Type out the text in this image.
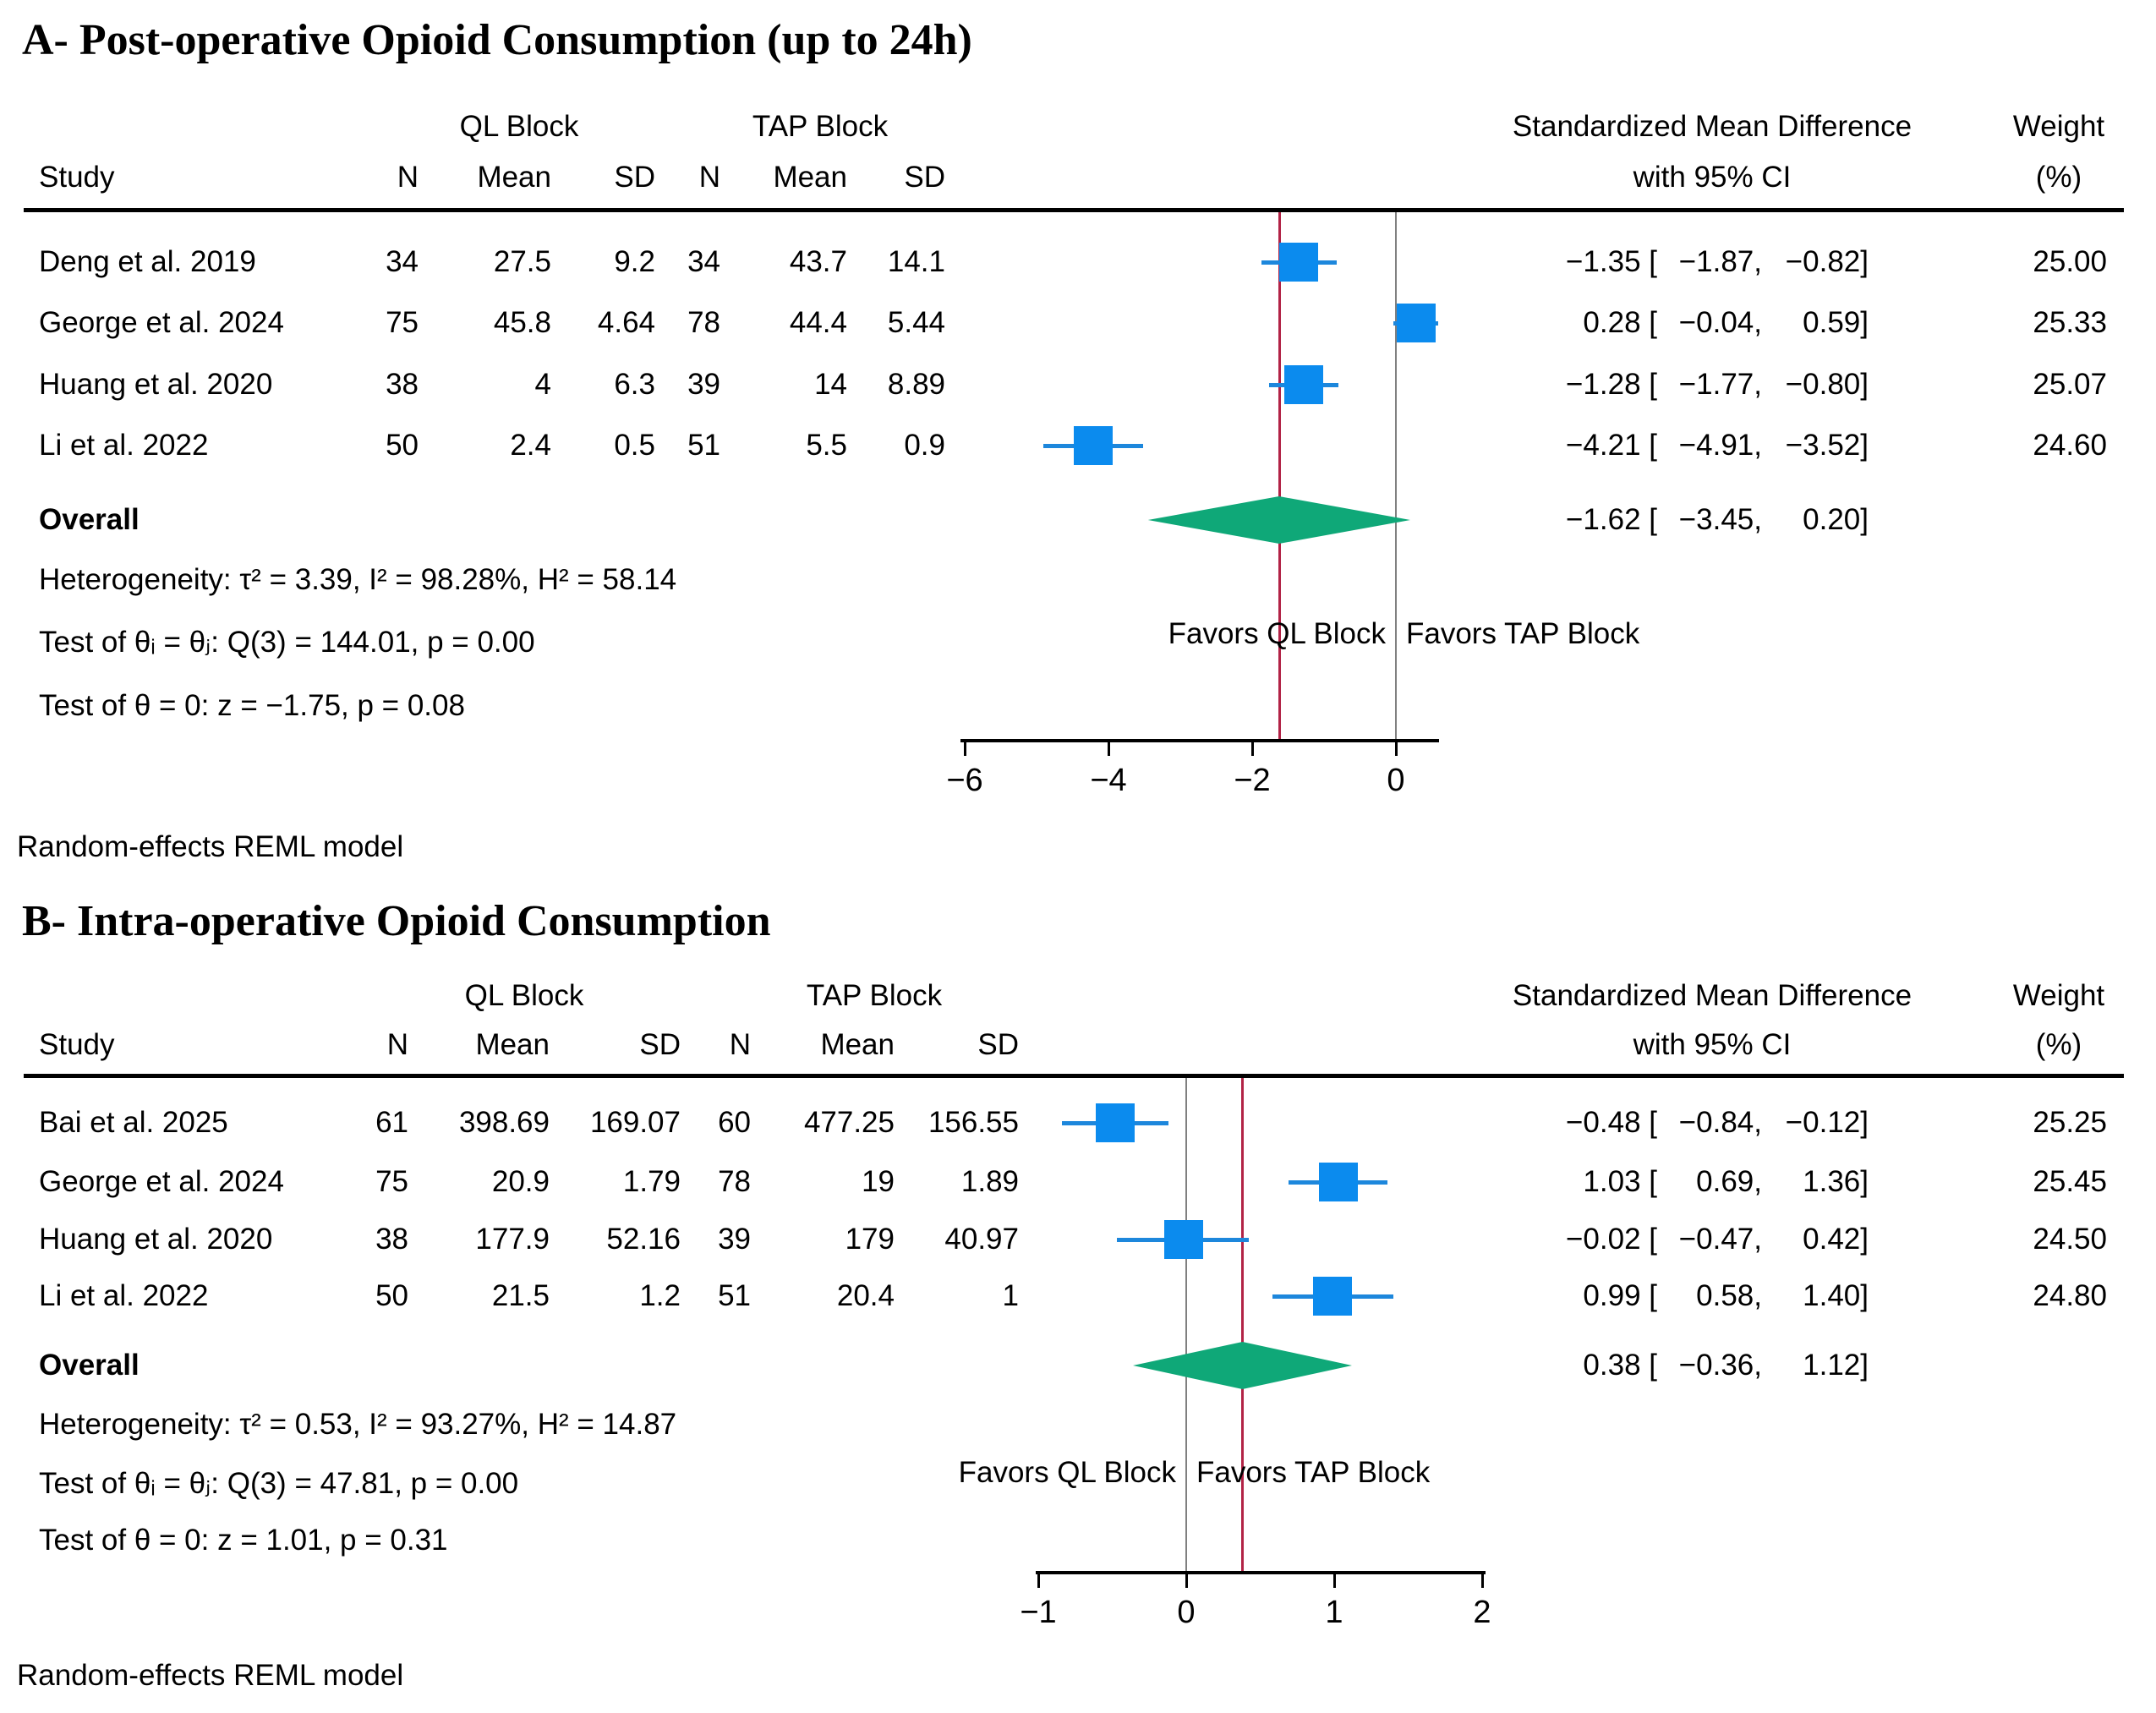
−6	−4	−2	0
−1	0	1	2
A- Post-operative Opioid Consumption (up to 24h)
QL Block	TAP Block	Standardized Mean Difference	Weight
Study	N	Mean	SD	N	Mean	SD	with 95% CI	(%)
Deng et al. 2019	34	27.5	9.2	34	43.7	14.1	−1.35 [ −1.87, −0.82]	25.00
George et al. 2024	75	45.8	4.64	78	44.4	5.44	0.28 [ −0.04,	0.59]	25.33
Huang et al. 2020	38	4	6.3	39	14	8.89	−1.28 [ −1.77, −0.80]	25.07
Li et al. 2022	50	2.4	0.5	51	5.5	0.9	−4.21 [ −4.91, −3.52]	24.60
Overall	−1.62 [ −3.45,	0.20]
Heterogeneity: τ² = 3.39, I² = 98.28%, H² = 58.14
Test of θᵢ = θⱼ: Q(3) = 144.01, p = 0.00
Test of θ = 0: z = −1.75, p = 0.08
Favors QL Block Favors TAP Block
Random-effects REML model
B- Intra-operative Opioid Consumption
QL Block	TAP Block	Standardized Mean Difference	Weight
Study	N	Mean	SD	N	Mean	SD	with 95% CI	(%)
Bai et al. 2025	61	398.69	169.07	60	477.25	156.55	−0.48 [ −0.84, −0.12]	25.25
George et al. 2024	75	20.9	1.79	78	19	1.89	1.03 [	0.69,	1.36]	25.45
Huang et al. 2020	38	177.9	52.16	39	179	40.97	−0.02 [ −0.47,	0.42]	24.50
Li et al. 2022	50	21.5	1.2	51	20.4	1	0.99 [	0.58,	1.40]	24.80
Overall	0.38 [ −0.36,	1.12]
Heterogeneity: τ² = 0.53, I² = 93.27%, H² = 14.87
Test of θᵢ = θⱼ: Q(3) = 47.81, p = 0.00
Test of θ = 0: z = 1.01, p = 0.31
Favors QL Block Favors TAP Block
Random-effects REML model
